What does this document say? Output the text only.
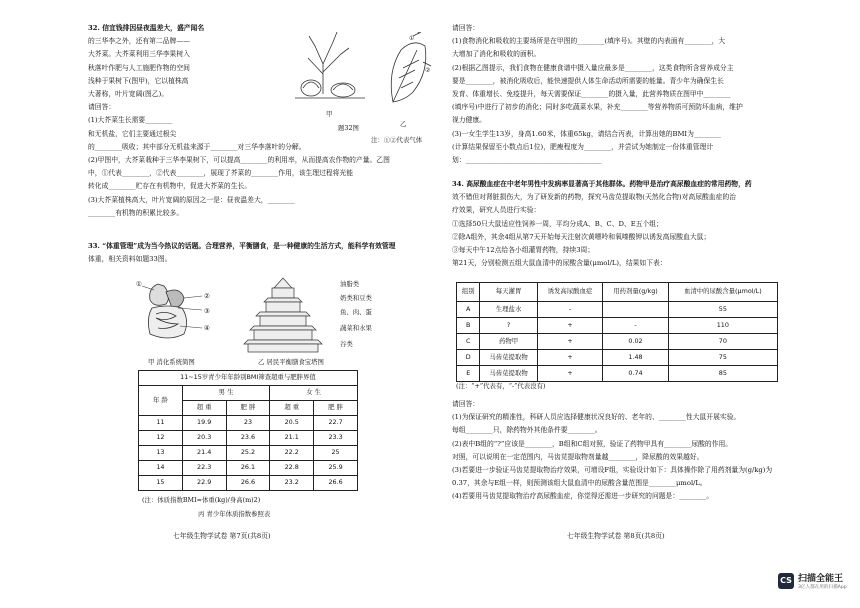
32. 信宜钱排因昼夜温差大，盛产闻名

的三华李之外，还有第二品牌——

大芥菜。大芥菜利用三华李果树入

秋落叶作肥与人工施肥作物的空间

浅种于果树下(图甲)，它以植株高

大著称，叶片宽阔(图乙)。

请回答：

(1)大芥菜生长需要________

和无机盐，它们主要通过根尖

的________吸收；其中部分无机盐来源于________对三华李落叶的分解。

(2)甲图中，大芥菜栽种于三华李果树下，可以提高________的利用率，从而提高农作物的产量。乙图

中，①代表________，②代表________，展现了芥菜的________作用，该生理过程将光能

转化成________贮存在有机物中，促进大芥菜的生长。

(3)大芥菜植株高大，叶片宽阔的原因之一是：昼夜温差大，________

________有机物的积累比较多。

甲
题32图
①
②
乙
注：①②代表气体

33. “体重管理”成为当今热议的话题。合理营养，平衡膳食，是一种健康的生活方式，能科学有效管理

体重，相关资料如题33图。

①
②
③
④
油脂类
奶类和豆类
鱼、肉、蛋
蔬菜和水果
谷类
甲 消化系统简图	乙 居民平衡膳食宝塔图
11~15岁青少年年龄别BMI筛查超重与肥胖界值				
年 龄	男 生		女 生	
	超 重	肥 胖	超 重	肥 胖
11	19.9	23	20.5	22.7
12	20.3	23.6	21.1	23.3
13	21.4	25.2	22.2	25
14	22.3	26.1	22.8	25.9
15	22.9	26.6	23.2	26.6
(注：体质指数BMI=体重(kg)/身高(m)2)
丙 青少年体质指数参照表
七年级生物学试卷 第7页(共8页)

请回答：

(1)食物消化和吸收的主要场所是在甲图的________(填序号)。其壁的内表面有________，大

大增加了消化和吸收的面积。

(2)根据乙图提示，我们食物在健康食谱中摄入量应最多是________，这类食物所含营养成分主

要是________，被消化吸收后，能快速提供人体生命活动所需要的能量。青少年为确保生长

发育、体重增长、免疫提升，每天需要保证________的摄入量，此营养物质在图甲中________

(填序号)中进行了初步的消化；同时多吃蔬菜水果，补充________等营养物质可预防坏血病，维护

视力健康。

(3)一女生学生13岁，身高1.60米，体重65kg，请结合丙表，计算出她的BMI为________

(计算结果保留至小数点后1位)，肥瘦程度为________，并尝试为她制定一份体重管理计

划：________________________________________

34. 高尿酸血症在中老年男性中发病率显著高于其他群体。药物甲是治疗高尿酸血症的常用药物，药

效不错但对肾脏损伤大，为了研发新的药物，探究马齿苋提取物(天然化合物)对高尿酸血症的治

疗效果，研究人员进行实验：

①选择50只大鼠适应性饲养一周，平均分成A、B、C、D、E五个组；

②除A组外，其余4组从第7天开始每天注射次黄嘌呤和氧嗪酸钾以诱发高尿酸血大鼠；

③每天中午12点给各小组灌胃药物，持续3周；

第21天，分别检测五组大鼠血清中的尿酸含量(μmol/L)，结果如下表：

组别	每天灌胃	诱发高尿酸血症	用药剂量(g/kg)	血清中的尿酸含量(μmol/L)
A	生理盐水	-		55
B	?	+	-	110
C	药物甲	+	0.02	70
D	马齿苋提取物	+	1.48	75
E	马齿苋提取物	+	0.74	85
(注：“+”代表有，“-”代表没有)

请回答：

(1)为保证研究的精准性，科研人员应选择健康状况良好的、老年的、________性大鼠开展实验。

每组________只，除药物外其他条件要________。

(2)表中B组的“?”应该是________，B组和C组对照，验证了药物甲具有________尿酸的作用。

对照，可以说明在一定范围内，马齿苋提取物剂量越________，降尿酸的效果越好。

(3)若要进一步验证马齿苋提取物治疗效果，可增设F组，实验设计如下：具体操作除了用药剂量为(g/kg)为

0.37，其余与E组一样，则预测该组大鼠血清中的尿酸含量范围是________μmol/L。

(4)若要用马齿苋提取物治疗高尿酸血症，你觉得还需进一步研究的问题是：________。

七年级生物学试卷 第8页(共8页)
CS 扫描全能王
3亿人都在用的扫描App
